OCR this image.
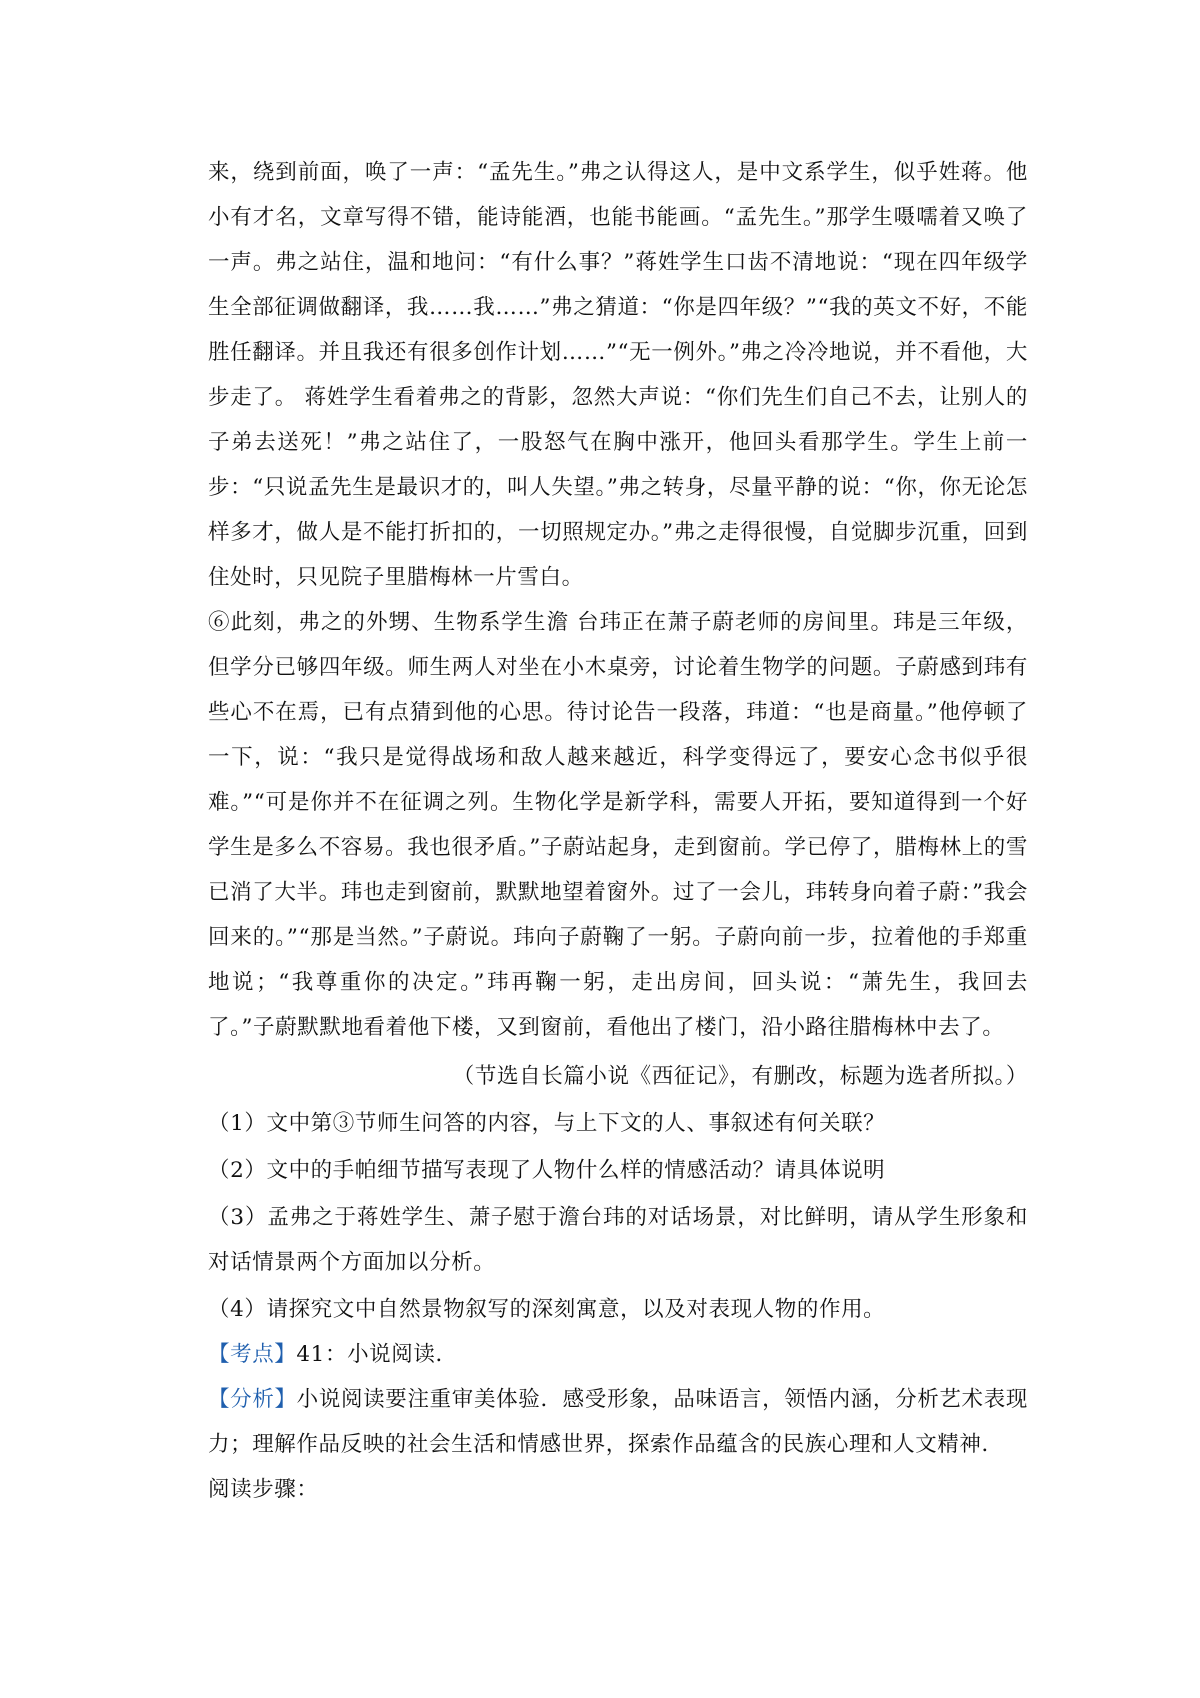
来，绕到前面，唤了一声：“孟先生。”弗之认得这人，是中文系学生，似乎姓蒋。他小有才名，文章写得不错，能诗能酒，也能书能画。“孟先生。”那学生嗫嚅着又唤了一声。弗之站住，温和地问：“有什么事？”蒋姓学生口齿不清地说：“现在四年级学生全部征调做翻译，我……我……”弗之猜道：“你是四年级？”“我的英文不好，不能胜任翻译。并且我还有很多创作计划……”“无一例外。”弗之冷冷地说，并不看他，大步走了。 蒋姓学生看着弗之的背影，忽然大声说：“你们先生们自己不去，让别人的子弟去送死！”弗之站住了，一股怒气在胸中涨开，他回头看那学生。学生上前一步：“只说孟先生是最识才的，叫人失望。”弗之转身，尽量平静的说：“你，你无论怎样多才，做人是不能打折扣的，一切照规定办。”弗之走得很慢，自觉脚步沉重，回到住处时，只见院子里腊梅林一片雪白。

⑥此刻，弗之的外甥、生物系学生澹 台玮正在萧子蔚老师的房间里。玮是三年级，但学分已够四年级。师生两人对坐在小木桌旁，讨论着生物学的问题。子蔚感到玮有些心不在焉，已有点猜到他的心思。待讨论告一段落，玮道：“也是商量。”他停顿了一下，说：“我只是觉得战场和敌人越来越近，科学变得远了，要安心念书似乎很难。”“可是你并不在征调之列。生物化学是新学科，需要人开拓，要知道得到一个好学生是多么不容易。我也很矛盾。”子蔚站起身，走到窗前。学已停了，腊梅林上的雪已消了大半。玮也走到窗前，默默地望着窗外。过了一会儿，玮转身向着子蔚：”我会回来的。”“那是当然。”子蔚说。玮向子蔚鞠了一躬。子蔚向前一步，拉着他的手郑重地说；“我尊重你的决定。”玮再鞠一躬，走出房间，回头说：“萧先生，我回去了。”子蔚默默地看着他下楼，又到窗前，看他出了楼门，沿小路往腊梅林中去了。

（节选自长篇小说《西征记》，有删改，标题为选者所拟。）

（1）文中第③节师生问答的内容，与上下文的人、事叙述有何关联？

（2）文中的手帕细节描写表现了人物什么样的情感活动？请具体说明

（3）孟弗之于蒋姓学生、萧子慰于澹台玮的对话场景，对比鲜明，请从学生形象和对话情景两个方面加以分析。

（4）请探究文中自然景物叙写的深刻寓意，以及对表现人物的作用。

【考点】41：小说阅读．

【分析】小说阅读要注重审美体验．感受形象，品味语言，领悟内涵，分析艺术表现力；理解作品反映的社会生活和情感世界，探索作品蕴含的民族心理和人文精神．

阅读步骤：
